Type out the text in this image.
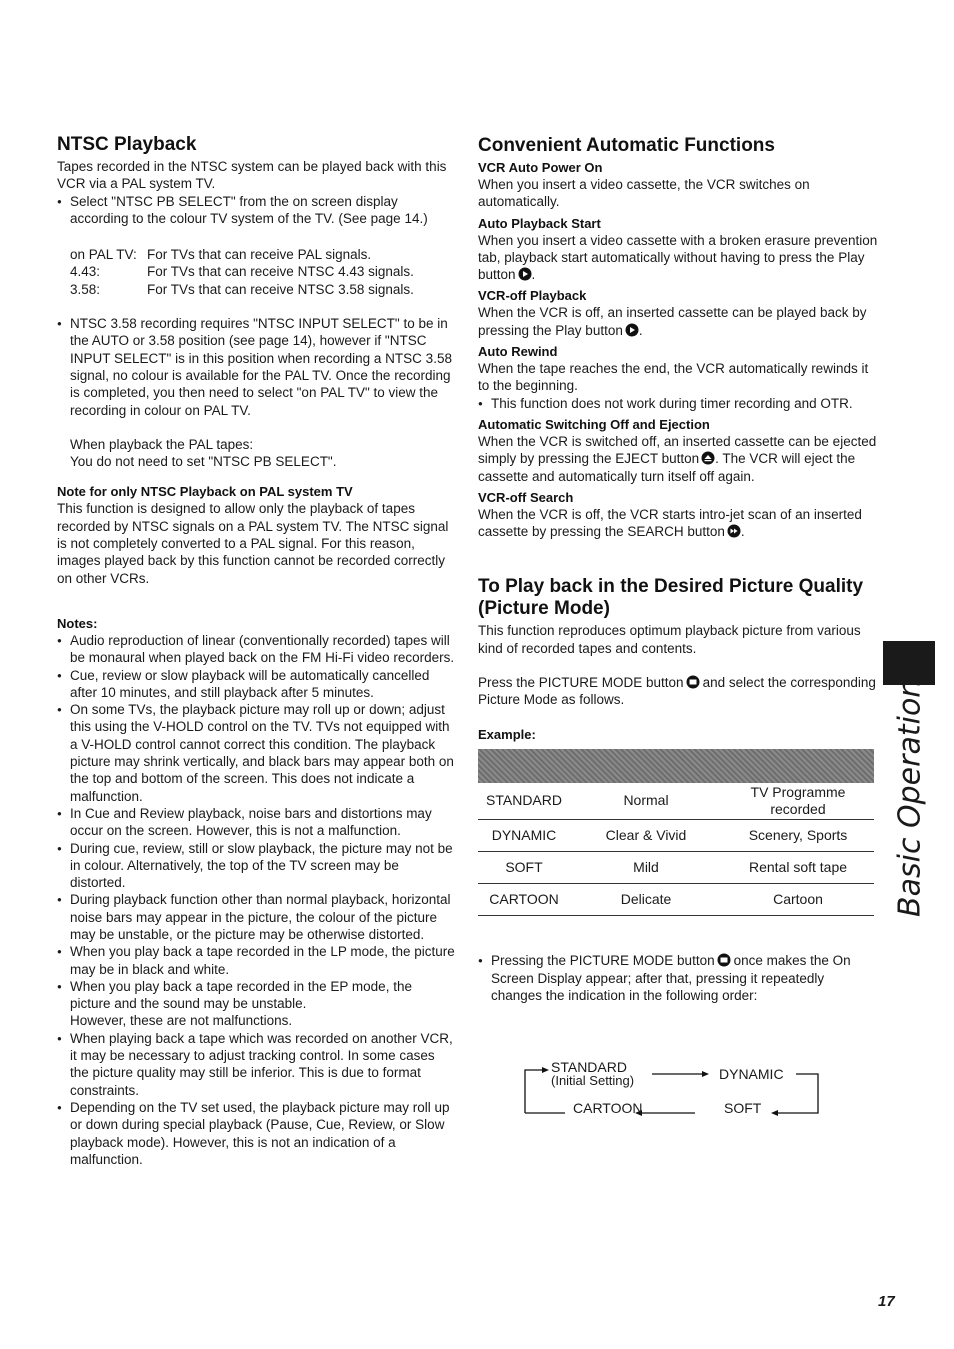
NTSC Playback

Tapes recorded in the NTSC system can be played back with this VCR via a PAL system TV.

● Select "NTSC PB SELECT" from the on screen display according to the colour TV system of the TV. (See page 14.)

on PAL TV:	For TVs that can receive PAL signals.
4.43:	For TVs that can receive NTSC 4.43 signals.
3.58:	For TVs that can receive NTSC 3.58 signals.

● NTSC 3.58 recording requires "NTSC INPUT SELECT" to be in the AUTO or 3.58 position (see page 14), however if "NTSC INPUT SELECT" is in this position when recording a NTSC 3.58 signal, no colour is available for the PAL TV. Once the recording is completed, you then need to select "on PAL TV" to view the recording in colour on PAL TV.

When playback the PAL tapes:

You do not need to set "NTSC PB SELECT".

Note for only NTSC Playback on PAL system TV

This function is designed to allow only the playback of tapes recorded by NTSC signals on a PAL system TV. The NTSC signal is not completely converted to a PAL signal. For this reason, images played back by this function cannot be recorded correctly on other VCRs.

Notes:

● Audio reproduction of linear (conventionally recorded) tapes will be monaural when played back on the FM Hi-Fi video recorders.

● Cue, review or slow playback will be automatically cancelled after 10 minutes, and still playback after 5 minutes.

● On some TVs, the playback picture may roll up or down; adjust this using the V-HOLD control on the TV. TVs not equipped with a V-HOLD control cannot correct this condition. The playback picture may shrink vertically, and black bars may appear both on the top and bottom of the screen. This does not indicate a malfunction.

● In Cue and Review playback, noise bars and distortions may occur on the screen. However, this is not a malfunction.

● During cue, review, still or slow playback, the picture may not be in colour. Alternatively, the top of the TV screen may be distorted.

● During playback function other than normal playback, horizontal noise bars may appear in the picture, the colour of the picture may be unstable, or the picture may be otherwise distorted.

● When you play back a tape recorded in the LP mode, the picture may be in black and white.

● When you play back a tape recorded in the EP mode, the picture and the sound may be unstable.

However, these are not malfunctions.

● When playing back a tape which was recorded on another VCR, it may be necessary to adjust tracking control. In some cases the picture quality may still be inferior. This is due to format constraints.

● Depending on the TV set used, the playback picture may roll up or down during special playback (Pause, Cue, Review, or Slow playback mode). However, this is not an indication of a malfunction.

Convenient Automatic Functions
VCR Auto Power On

When you insert a video cassette, the VCR switches on automatically.

Auto Playback Start

When you insert a video cassette with a broken erasure prevention tab, playback start automatically without having to press the Play button .

VCR-off Playback

When the VCR is off, an inserted cassette can be played back by pressing the Play button .

Auto Rewind

When the tape reaches the end, the VCR automatically rewinds it to the beginning.

● This function does not work during timer recording and OTR.

Automatic Switching Off and Ejection

When the VCR is switched off, an inserted cassette can be ejected simply by pressing the EJECT button . The VCR will eject the cassette and automatically turn itself off again.

VCR-off Search

When the VCR is off, the VCR starts intro-jet scan of an inserted cassette by pressing the SEARCH button .

To Play back in the Desired Picture Quality
(Picture Mode)

This function reproduces optimum playback picture from various kind of recorded tapes and contents.

Press the PICTURE MODE button and select the corresponding Picture Mode as follows.

Example:

STANDARD	Normal	TV Programme recorded
DYNAMIC	Clear & Vivid	Scenery, Sports
SOFT	Mild	Rental soft tape
CARTOON	Delicate	Cartoon

● Pressing the PICTURE MODE button once makes the On Screen Display appear; after that, pressing it repeatedly changes the indication in the following order:

STANDARD
(Initial Setting)	DYNAMIC
CARTOON	SOFT
Basic Operations
17
